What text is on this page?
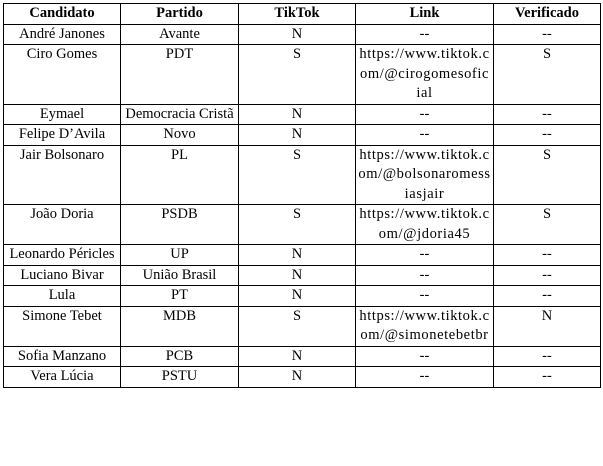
Candidato	Partido	TikTok	Link	Verificado
André Janones	Avante	N	--	--
Ciro Gomes	PDT	S	https://www.tiktok.com/@cirogomesoficial	S
Eymael	Democracia Cristã	N	--	--
Felipe D’Avila	Novo	N	--	--
Jair Bolsonaro	PL	S	https://www.tiktok.com/@bolsonaromessiasjair	S
João Doria	PSDB	S	https://www.tiktok.com/@jdoria45	S
Leonardo Péricles	UP	N	--	--
Luciano Bivar	União Brasil	N	--	--
Lula	PT	N	--	--
Simone Tebet	MDB	S	https://www.tiktok.com/@simonetebetbr	N
Sofia Manzano	PCB	N	--	--
Vera Lúcia	PSTU	N	--	--
